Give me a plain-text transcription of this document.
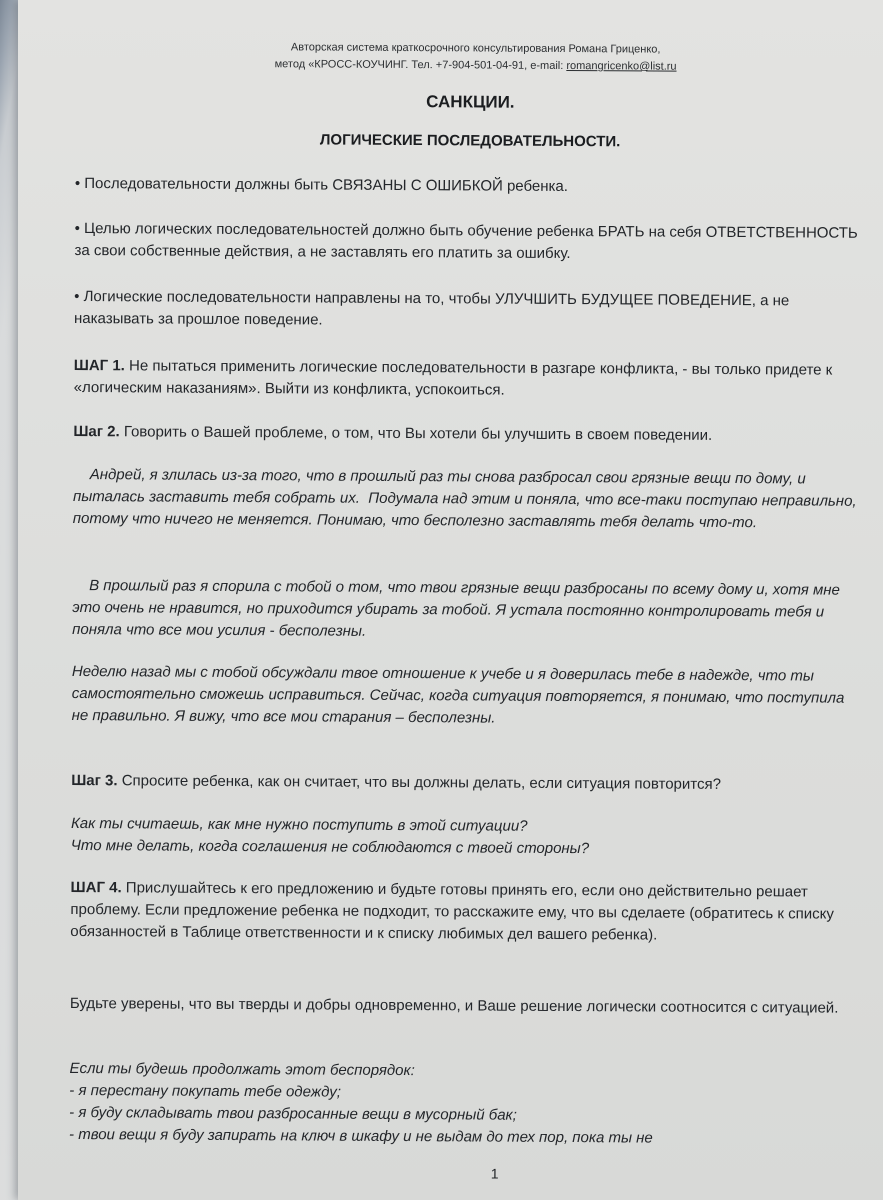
Авторская система краткосрочного консультирования Романа Гриценко,
метод «КРОСС-КОУЧИНГ. Тел. +7-904-501-04-91, e-mail: romangricenko@list.ru
САНКЦИИ.
ЛОГИЧЕСКИЕ ПОСЛЕДОВАТЕЛЬНОСТИ.
• Последовательности должны быть СВЯЗАНЫ С ОШИБКОЙ ребенка.
• Целью логических последовательностей должно быть обучение ребенка БРАТЬ на себя ОТВЕТСТВЕННОСТЬ за свои собственные действия, а не заставлять его платить за ошибку.
• Логические последовательности направлены на то, чтобы УЛУЧШИТЬ БУДУЩЕЕ ПОВЕДЕНИЕ, а не наказывать за прошлое поведение.
ШАГ 1. Не пытаться применить логические последовательности в разгаре конфликта, - вы только придете к «логическим наказаниям». Выйти из конфликта, успокоиться.
Шаг 2. Говорить о Вашей проблеме, о том, что Вы хотели бы улучшить в своем поведении.
Андрей, я злилась из-за того, что в прошлый раз ты снова разбросал свои грязные вещи по дому, и пыталась заставить тебя собрать их.  Подумала над этим и поняла, что все-таки поступаю неправильно, потому что ничего не меняется. Понимаю, что бесполезно заставлять тебя делать что-то.
В прошлый раз я спорила с тобой о том, что твои грязные вещи разбросаны по всему дому и, хотя мне это очень не нравится, но приходится убирать за тобой. Я устала постоянно контролировать тебя и поняла что все мои усилия - бесполезны.
Неделю назад мы с тобой обсуждали твое отношение к учебе и я доверилась тебе в надежде, что ты самостоятельно сможешь исправиться. Сейчас, когда ситуация повторяется, я понимаю, что поступила не правильно. Я вижу, что все мои старания – бесполезны.
Шаг 3. Спросите ребенка, как он считает, что вы должны делать, если ситуация повторится?
Как ты считаешь, как мне нужно поступить в этой ситуации?
Что мне делать, когда соглашения не соблюдаются с твоей стороны?
ШАГ 4. Прислушайтесь к его предложению и будьте готовы принять его, если оно действительно решает проблему. Если предложение ребенка не подходит, то расскажите ему, что вы сделаете (обратитесь к списку обязанностей в Таблице ответственности и к списку любимых дел вашего ребенка).
Будьте уверены, что вы тверды и добры одновременно, и Ваше решение логически соотносится с ситуацией.
Если ты будешь продолжать этот беспорядок:
- я перестану покупать тебе одежду;
- я буду складывать твои разбросанные вещи в мусорный бак;
- твои вещи я буду запирать на ключ в шкафу и не выдам до тех пор, пока ты не
1
